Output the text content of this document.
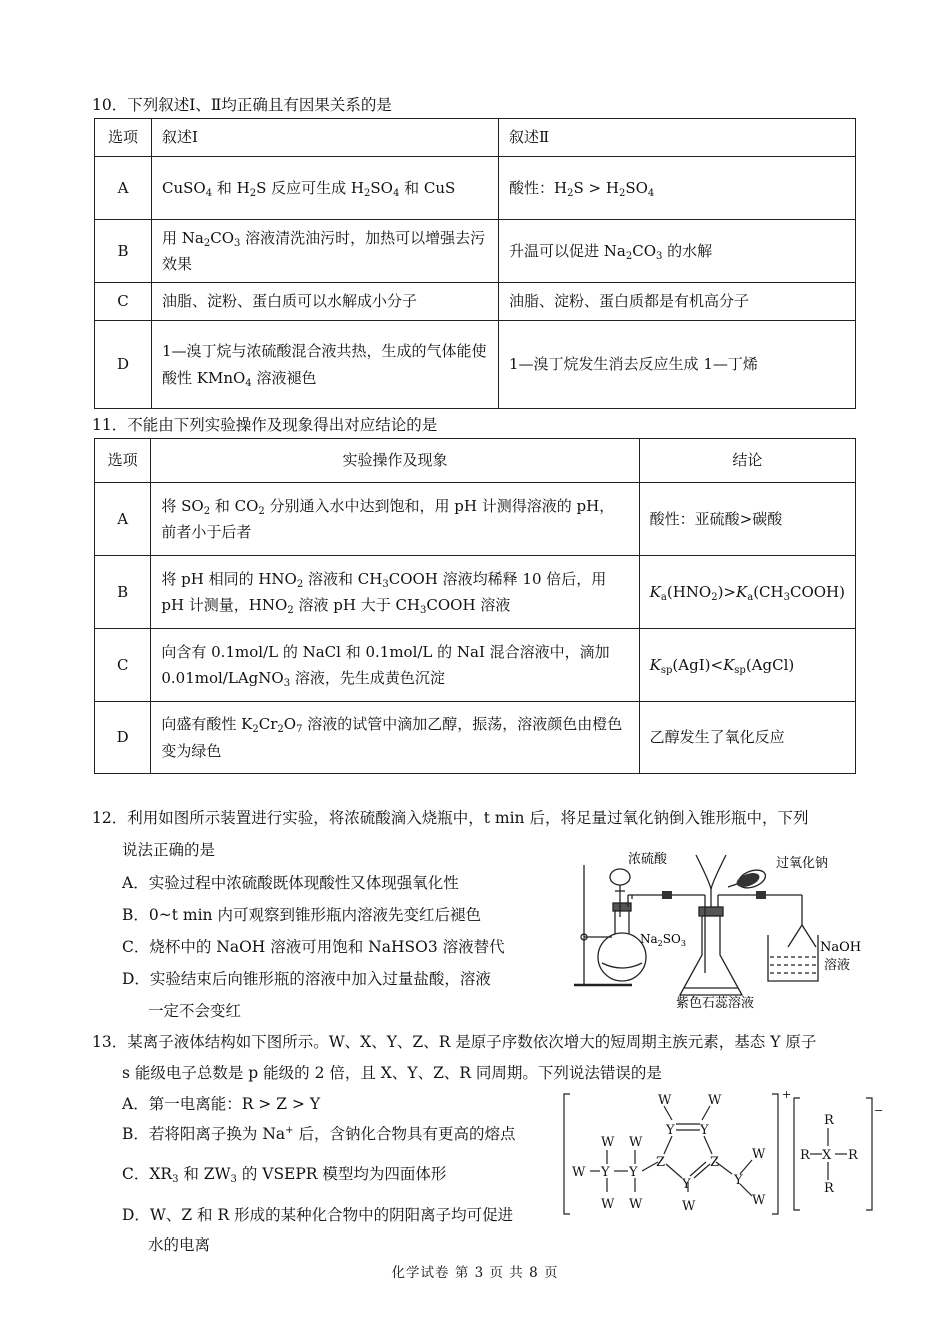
10．下列叙述Ⅰ、Ⅱ均正确且有因果关系的是
选项	叙述Ⅰ	叙述Ⅱ
A	CuSO$_4$ 和 $H_2S$ 反应可生成 $H_2SO_4$ 和 CuS	酸性：$H_2S > H_2SO_4$
B	用 $Na_2CO_3$ 溶液清洗油污时，加热可以增强去污效果	升温可以促进 $Na_2CO_3$ 的水解
C	油脂、淀粉、蛋白质可以水解成小分子	油脂、淀粉、蛋白质都是有机高分子
D	1—溴丁烷与浓硫酸混合液共热，生成的气体能使酸性 KMnO$_4$ 溶液褪色	1—溴丁烷发生消去反应生成 1—丁烯
11．不能由下列实验操作及现象得出对应结论的是
选项	实验操作及现象	结论
A	将 $SO_2$ 和 $CO_2$ 分别通入水中达到饱和，用 pH 计测得溶液的 pH，前者小于后者	酸性：亚硫酸>碳酸
B	将 pH 相同的 $HNO_2$ 溶液和 $CH_3COOH$ 溶液均稀释 10 倍后，用 pH 计测量，$HNO_2$ 溶液 pH 大于 $CH_3COOH$ 溶液	$K_a(HNO_2)>K_a(CH_3COOH)$
C	向含有 0.1mol/L 的 NaCl 和 0.1mol/L 的 NaI 混合溶液中，滴加 0.01mol/LAgNO$_3$ 溶液，先生成黄色沉淀	$K_{sp}(AgI)<K_{sp}(AgCl)$
D	向盛有酸性 $K_2Cr_2O_7$ 溶液的试管中滴加乙醇，振荡，溶液颜色由橙色变为绿色	乙醇发生了氧化反应
12．利用如图所示装置进行实验，将浓硫酸滴入烧瓶中，t min 后，将足量过氧化钠倒入锥形瓶中，下列
说法正确的是
A．实验过程中浓硫酸既体现酸性又体现强氧化性
B．0~t min 内可观察到锥形瓶内溶液先变红后褪色
C．烧杯中的 NaOH 溶液可用饱和 NaHSO3 溶液替代
D．实验结束后向锥形瓶的溶液中加入过量盐酸，溶液
一定不会变红
浓硫酸	过氧化钠
$Na_2SO_3$	NaOH
溶液
紫色石蕊溶液
13．某离子液体结构如下图所示。W、X、Y、Z、R 是原子序数依次增大的短周期主族元素，基态 Y 原子
s 能级电子总数是 p 能级的 2 倍，且 X、Y、Z、R 同周期。下列说法错误的是
A．第一电离能：R > Z > Y
B．若将阳离子换为 Na+ 后，含钠化合物具有更高的熔点
C．$XR_3$ 和 $ZW_3$ 的 VSEPR 模型均为四面体形
D．W、Z 和 R 形成的某种化合物中的阴阳离子均可促进
水的电离
W	W
Y Y
Z	Z
Y
W
Y
W
W
W Y Y
W W
W W
+
R
X
R	R
R
−
化学试卷 第 3 页 共 8 页
